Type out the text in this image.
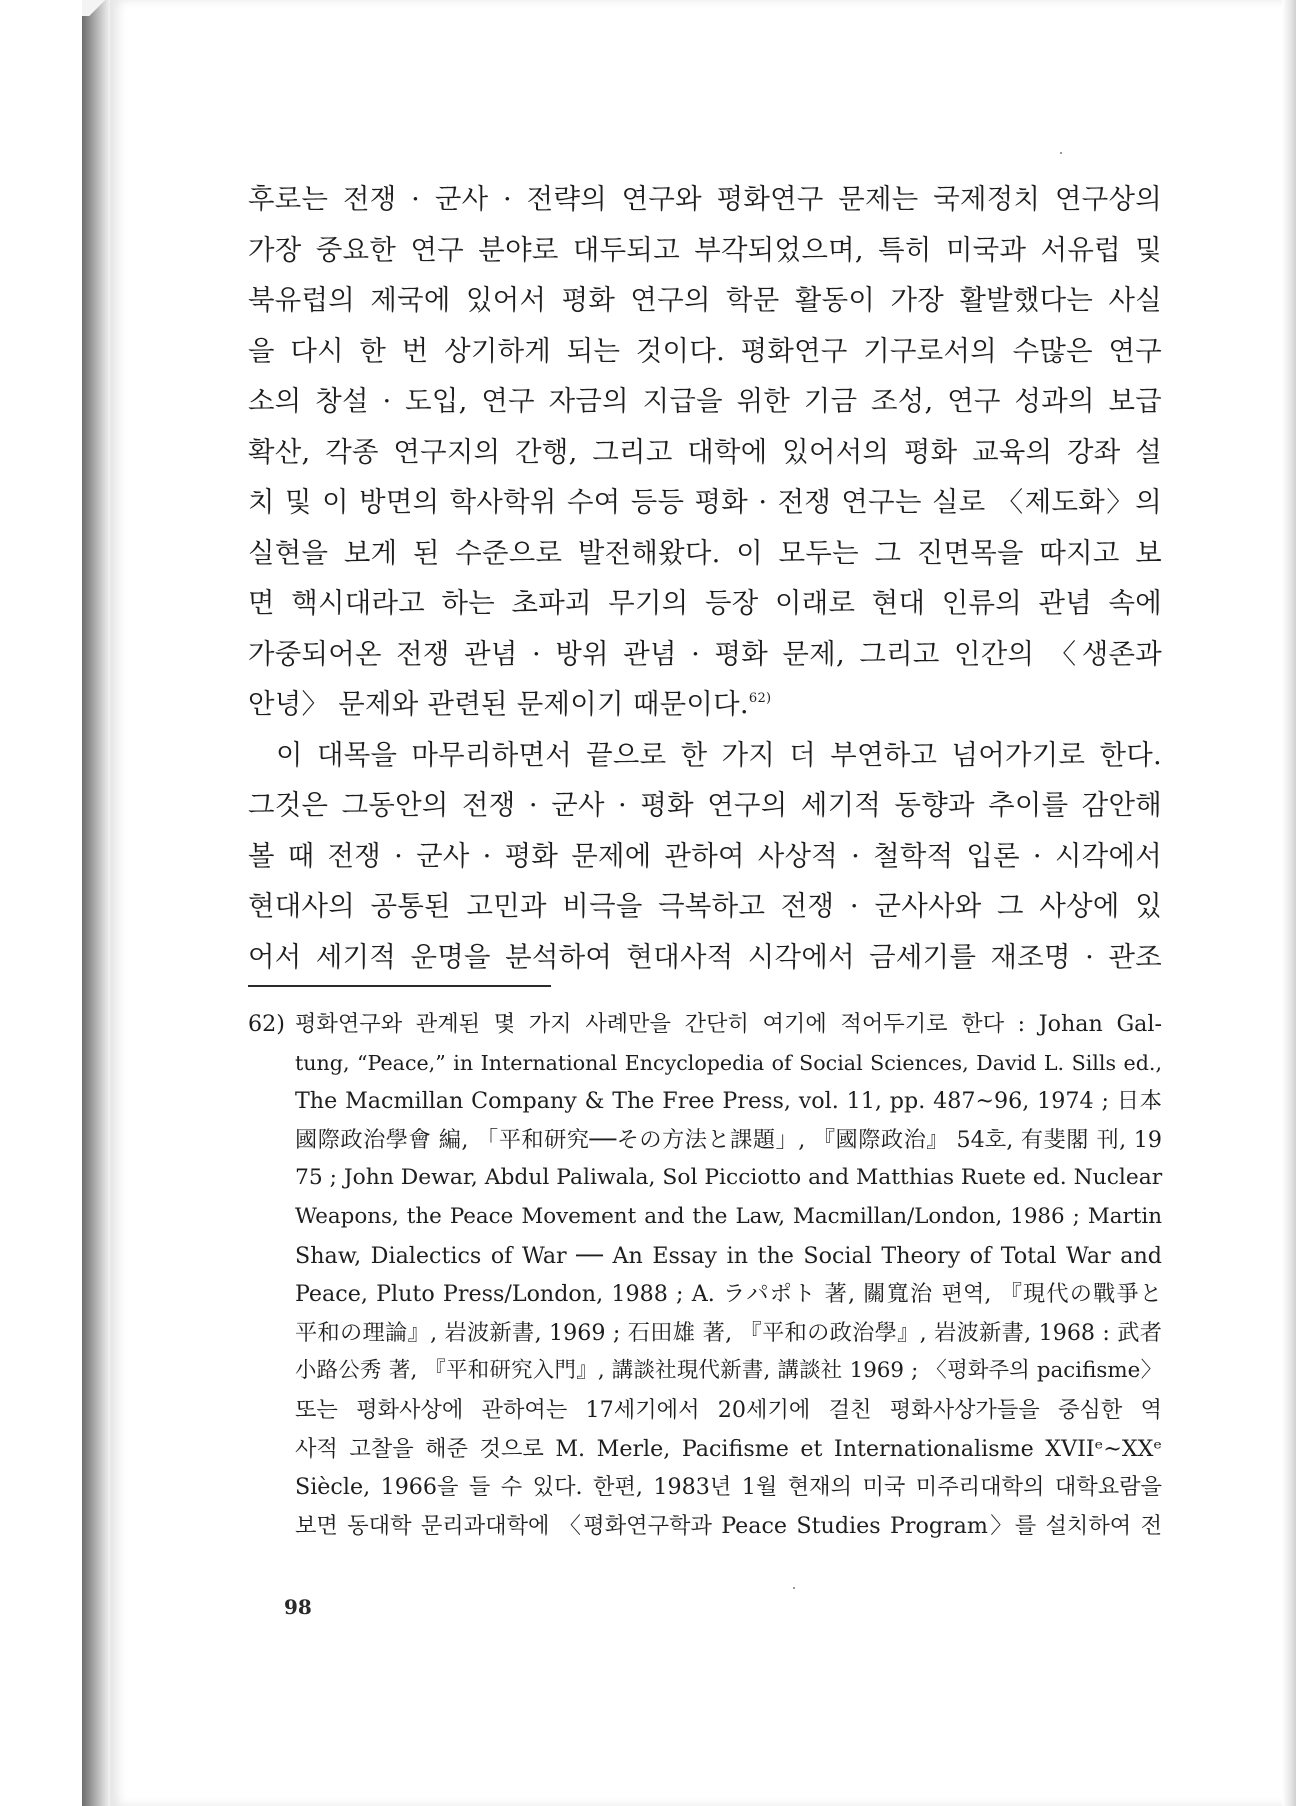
후로는 전쟁 · 군사 · 전략의 연구와 평화연구 문제는 국제정치 연구상의
가장 중요한 연구 분야로 대두되고 부각되었으며, 특히 미국과 서유럽 및
북유럽의 제국에 있어서 평화 연구의 학문 활동이 가장 활발했다는 사실
을 다시 한 번 상기하게 되는 것이다. 평화연구 기구로서의 수많은 연구
소의 창설 · 도입, 연구 자금의 지급을 위한 기금 조성, 연구 성과의 보급
확산, 각종 연구지의 간행, 그리고 대학에 있어서의 평화 교육의 강좌 설
치 및 이 방면의 학사학위 수여 등등 평화 · 전쟁 연구는 실로 〈제도화〉의
실현을 보게 된 수준으로 발전해왔다. 이 모두는 그 진면목을 따지고 보
면 핵시대라고 하는 초파괴 무기의 등장 이래로 현대 인류의 관념 속에
가중되어온 전쟁 관념 · 방위 관념 · 평화 문제, 그리고 인간의 〈생존과
안녕〉 문제와 관련된 문제이기 때문이다.$^{62)}$
이 대목을 마무리하면서 끝으로 한 가지 더 부연하고 넘어가기로 한다.
그것은 그동안의 전쟁 · 군사 · 평화 연구의 세기적 동향과 추이를 감안해
볼 때 전쟁 · 군사 · 평화 문제에 관하여 사상적 · 철학적 입론 · 시각에서
현대사의 공통된 고민과 비극을 극복하고 전쟁 · 군사사와 그 사상에 있
어서 세기적 운명을 분석하여 현대사적 시각에서 금세기를 재조명 · 관조
62) 평화연구와 관계된 몇 가지 사례만을 간단히 여기에 적어두기로 한다 : Johan Gal-
tung, “Peace,” in International Encyclopedia of Social Sciences, David L. Sills ed.,
The Macmillan Company & The Free Press, vol. 11, pp. 487~96, 1974 ; 日本
國際政治學會 編, 「平和研究──その方法と課題」, 『國際政治』 54호, 有斐閣 刊, 19
75 ; John Dewar, Abdul Paliwala, Sol Picciotto and Matthias Ruete ed. Nuclear
Weapons, the Peace Movement and the Law, Macmillan/London, 1986 ; Martin
Shaw, Dialectics of War ── An Essay in the Social Theory of Total War and
Peace, Pluto Press/London, 1988 ; A. ラパポト 著, 關寬治 편역, 『現代の戰爭と
平和の理論』, 岩波新書, 1969 ; 石田雄 著, 『平和の政治學』, 岩波新書, 1968 : 武者
小路公秀 著, 『平和研究入門』, 講談社現代新書, 講談社 1969 ; 〈평화주의 pacifisme〉
또는 평화사상에 관하여는 17세기에서 20세기에 걸친 평화사상가들을 중심한 역
사적 고찰을 해준 것으로 M. Merle, Pacifisme et Internationalisme XVIIᵉ~XXᵉ
Siècle, 1966을 들 수 있다. 한편, 1983년 1월 현재의 미국 미주리대학의 대학요람을
보면 동대학 문리과대학에 〈평화연구학과 Peace Studies Program〉를 설치하여 전
98
